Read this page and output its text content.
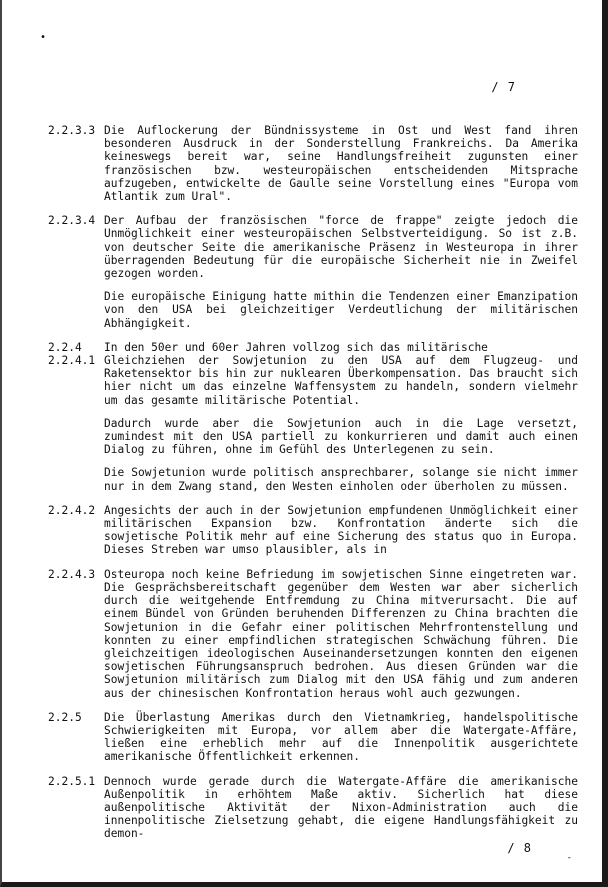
•
/ 7
2.2.3.3 Die Auflockerung der Bündnissysteme in Ost und West fand ihren besonderen Ausdruck in der Sonderstellung Frankreichs. Da Amerika keineswegs bereit war, seine Handlungsfreiheit zugunsten einer französischen bzw. westeuropäischen entscheidenden Mitsprache aufzugeben, entwickelte de Gaulle seine Vorstellung eines "Europa vom Atlantik zum Ural".

2.2.3.4 Der Aufbau der französischen "force de frappe" zeigte jedoch die Unmöglichkeit einer westeuropäischen Selbstverteidigung. So ist z.B. von deutscher Seite die amerikanische Präsenz in Westeuropa in ihrer überragenden Bedeutung für die europäische Sicherheit nie in Zweifel gezogen worden.

Die europäische Einigung hatte mithin die Tendenzen einer Emanzipation von den USA bei gleichzeitiger Verdeutlichung der militärischen Abhängigkeit.

2.2.4	In den 50er und 60er Jahren vollzog sich das militärische

2.2.4.1 Gleichziehen der Sowjetunion zu den USA auf dem Flugzeug- und Raketensektor bis hin zur nuklearen Überkompensation. Das braucht sich hier nicht um das einzelne Waffensystem zu handeln, sondern vielmehr um das gesamte militärische Potential.

Dadurch wurde aber die Sowjetunion auch in die Lage versetzt, zumindest mit den USA partiell zu konkurrieren und damit auch einen Dialog zu führen, ohne im Gefühl des Unterlegenen zu sein.

Die Sowjetunion wurde politisch ansprechbarer, solange sie nicht immer nur in dem Zwang stand, den Westen einholen oder überholen zu müssen.

2.2.4.2 Angesichts der auch in der Sowjetunion empfundenen Unmöglichkeit einer militärischen Expansion bzw. Konfrontation änderte sich die sowjetische Politik mehr auf eine Sicherung des status quo in Europa. Dieses Streben war umso plausibler, als in

2.2.4.3 Osteuropa noch keine Befriedung im sowjetischen Sinne eingetreten war. Die Gesprächsbereitschaft gegenüber dem Westen war aber sicherlich durch die weitgehende Entfremdung zu China mitverursacht. Die auf einem Bündel von Gründen beruhenden Differenzen zu China brachten die Sowjetunion in die Gefahr einer politischen Mehrfrontenstellung und konnten zu einer empfindlichen strategischen Schwächung führen. Die gleichzeitigen ideologischen Auseinandersetzungen konnten den eigenen sowjetischen Führungsanspruch bedrohen. Aus diesen Gründen war die Sowjetunion militärisch zum Dialog mit den USA fähig und zum anderen aus der chinesischen Konfrontation heraus wohl auch gezwungen.

2.2.5	Die Überlastung Amerikas durch den Vietnamkrieg, handelspolitische Schwierigkeiten mit Europa, vor allem aber die Watergate-Affäre, ließen eine erheblich mehr auf die Innenpolitik ausgerichtete amerikanische Öffentlichkeit erkennen.

2.2.5.1 Dennoch wurde gerade durch die Watergate-Affäre die amerikanische Außenpolitik in erhöhtem Maße aktiv. Sicherlich hat diese außenpolitische Aktivität der Nixon-Administration auch die innenpolitische Zielsetzung gehabt, die eigene Handlungsfähigkeit zu demon-

/ 8
-
